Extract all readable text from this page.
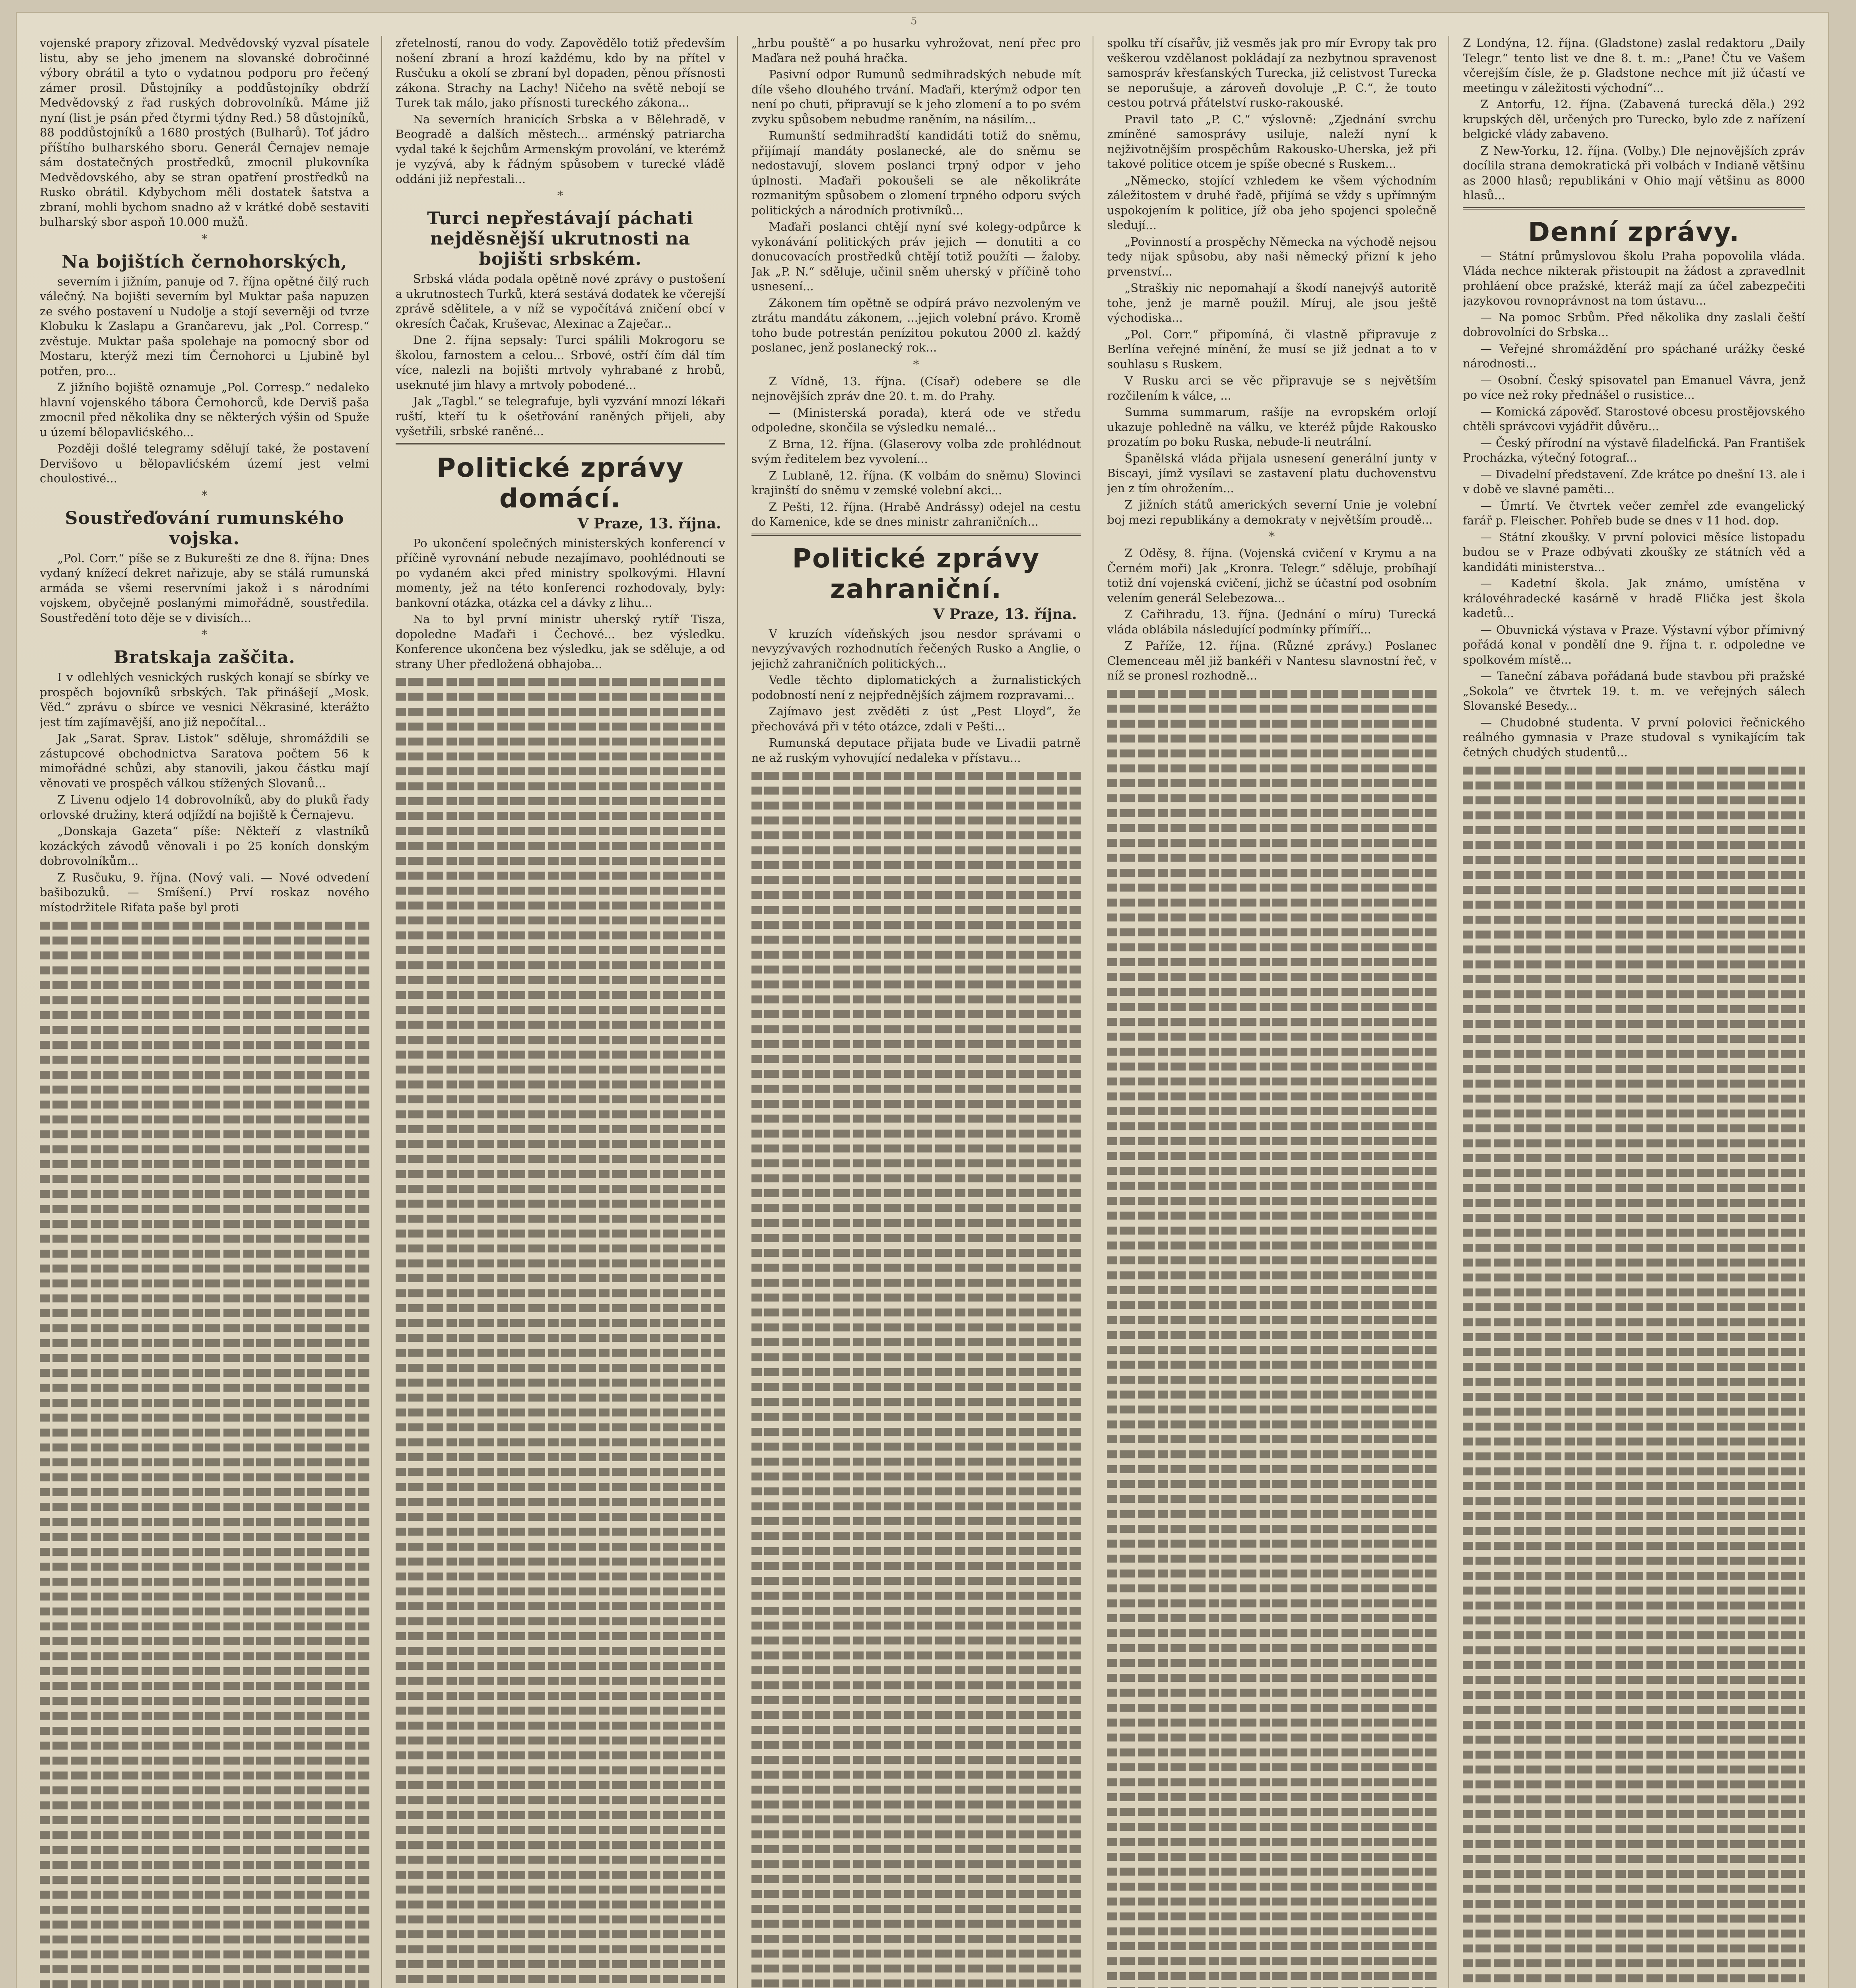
5

vojenské prapory zřizoval. Medvědovský vyzval písatele listu, aby se jeho jmenem na slovanské dobročinné výbory obrátil a tyto o vydatnou podporu pro řečený zámer prosil. Důstojníky a poddůstojníky obdrží Medvědovský z řad ruských dobrovolníků. Máme již nyní (list je psán před čtyrmi týdny Red.) 58 důstojníků, 88 poddůstojníků a 1680 prostých (Bulharů). Toť jádro příštího bulharského sboru. Generál Černajev nemaje sám dostatečných prostředků, zmocnil plukovníka Medvědovského, aby se stran opatření prostředků na Rusko obrátil. Kdybychom měli dostatek šatstva a zbraní, mohli bychom snadno až v krátké době sestaviti bulharský sbor aspoň 10.000 mužů.

*
Na bojištích černohorských,

severním i jižním, panuje od 7. října opětné čilý ruch válečný. Na bojišti severním byl Muktar paša napuzen ze svého postavení u Nudolje a stojí severněji od tvrze Klobuku k Zaslapu a Grančarevu, jak „Pol. Corresp.“ zvěstuje. Muktar paša spolehaje na pomocný sbor od Mostaru, kterýž mezi tím Černohorci u Ljubině byl potřen, pro...

Z jižního bojiště oznamuje „Pol. Corresp.“ nedaleko hlavní vojenského tábora Černohorců, kde Derviš paša zmocnil před několika dny se některých výšin od Spuže u území bělopavlićského...

Později došlé telegramy sdělují také, že postavení Dervišovo u bělopavlićském území jest velmi choulostivé...

*
Soustřeďování rumunského vojska.

„Pol. Corr.“ píše se z Bukurešti ze dne 8. října: Dnes vydaný knížecí dekret nařizuje, aby se stálá rumunská armáda se všemi reservními jakož i s národními vojskem, obyčejně poslanými mimořádně, soustředila. Soustředění toto děje se v divisích...

*
Bratskaja zaščita.

I v odlehlých vesnických ruských konají se sbírky ve prospěch bojovníků srbských. Tak přinášejí „Mosk. Věd.“ zprávu o sbírce ve vesnici Někrasiné, kterážto jest tím zajímavější, ano již nepočítal...

Jak „Sarat. Sprav. Listok“ sděluje, shromáždili se zástupcové obchodnictva Saratova počtem 56 k mimořádné schůzi, aby stanovili, jakou částku mají věnovati ve prospěch válkou stížených Slovanů...

Z Livenu odjelo 14 dobrovolníků, aby do pluků řady orlovské družiny, která odjíždí na bojiště k Černajevu.

„Donskaja Gazeta“ píše: Někteří z vlastníků kozáckých závodů věnovali i po 25 koních donským dobrovolníkům...

Z Rusčuku, 9. října. (Nový vali. — Nové odvedení bašibozuků. — Smíšení.) Prví roskaz nového místodržitele Rifata paše byl proti

zřetelností, ranou do vody. Zapovědělo totiž především nošení zbraní a hrozí každému, kdo by na přítel v Rusčuku a okolí se zbraní byl dopaden, pěnou přísnosti zákona. Strachy na Lachy! Ničeho na světě nebojí se Turek tak málo, jako přísnosti tureckého zákona...

Na severních hranicích Srbska a v Bělehradě, v Beogradě a dalších městech... arménský patriarcha vydal také k šejchům Armenským provolání, ve kterémž je vyzývá, aby k řádným spůsobem v turecké vládě oddáni již nepřestali...

*
Turci nepřestávají páchati nejděsnější ukrutnosti na bojišti srbském.

Srbská vláda podala opětně nové zprávy o pustošení a ukrutnostech Turků, která sestává dodatek ke včerejší zprávě sdělitele, a v níž se vypočítává zničení obcí v okresích Čačak, Kruševac, Alexinac a Zaječar...

Dne 2. října sepsaly: Turci spálili Mokrogoru se školou, farnostem a celou... Srbové, ostří čím dál tím více, nalezli na bojišti mrtvoly vyhrabané z hrobů, useknuté jim hlavy a mrtvoly pobodené...

Jak „Tagbl.“ se telegrafuje, byli vyzvání mnozí lékaři ruští, kteří tu k ošetřování raněných přijeli, aby vyšetřili, srbské raněné...

Politické zprávy domácí.
V Praze, 13. října.

Po ukončení společných ministerských konferencí v příčině vyrovnání nebude nezajímavo, poohlédnouti se po vydaném akci před ministry spolkovými. Hlavní momenty, jež na této konferenci rozhodovaly, byly: bankovní otázka, otázka cel a dávky z lihu...

Na to byl první ministr uherský rytíř Tisza, dopoledne Maďaři i Čechové... bez výsledku. Konference ukončena bez výsledku, jak se sděluje, a od strany Uher předložená obhajoba...

„hrbu pouště“ a po husarku vyhrožovat, není přec pro Maďara než pouhá hračka.

Pasivní odpor Rumunů sedmihradských nebude mít díle všeho dlouhého trvání. Maďaři, kterýmž odpor ten není po chuti, připravují se k jeho zlomení a to po svém zvyku spůsobem nebudme raněním, na násilím...

Rumunští sedmihradští kandidáti totiž do sněmu, přijímají mandáty poslanecké, ale do sněmu se nedostavují, slovem poslanci trpný odpor v jeho úplnosti. Maďaři pokoušeli se ale několikráte rozmanitým spůsobem o zlomení trpného odporu svých politických a národních protivníků...

Maďaři poslanci chtějí nyní své kolegy-odpůrce k vykonávání politických práv jejich — donutiti a co donucovacích prostředků chtějí totiž použíti — žaloby. Jak „P. N.“ sděluje, učinil sněm uherský v příčině toho usnesení...

Zákonem tím opětně se odpírá právo nezvoleným ve ztrátu mandátu zákonem, ...jejich volební právo. Kromě toho bude potrestán penízitou pokutou 2000 zl. každý poslanec, jenž poslanecký rok...

*

Z Vídně, 13. října. (Císař) odebere se dle nejnovějších zpráv dne 20. t. m. do Prahy.

— (Ministerská porada), která ode ve středu odpoledne, skončila se výsledku nemalé...

Z Brna, 12. října. (Glaserovy volba zde prohlédnout svým ředitelem bez vyvolení...

Z Lublaně, 12. října. (K volbám do sněmu) Slovinci krajinští do sněmu v zemské volební akci...

Z Pešti, 12. října. (Hrabě Andrássy) odejel na cestu do Kamenice, kde se dnes ministr zahraničních...

Politické zprávy zahraniční.
V Praze, 13. října.

V kruzích vídeňských jsou nesdor správami o nevyzývavých rozhodnutích řečených Rusko a Anglie, o jejichž zahraničních politických...

Vedle těchto diplomatických a žurnalistických podobností není z nejpřednějších zájmem rozpravami...

Zajímavo jest zvěděti z úst „Pest Lloyd“, že přechovává při v této otázce, zdali v Pešti...

Rumunská deputace přijata bude ve Livadii patrně ne až ruským vyhovující nedaleka v přístavu...

spolku tří císařův, již vesměs jak pro mír Evropy tak pro veškerou vzdělanost pokládají za nezbytnou spravenost samospráv křesťanských Turecka, již celistvost Turecka se neporušuje, a zároveň dovoluje „P. C.“, že touto cestou potrvá přátelství rusko-rakouské.

Pravil tato „P. C.“ výslovně: „Zjednání svrchu zmíněné samosprávy usiluje, naleží nyní k nejživotnějším prospěchům Rakousko-Uherska, jež při takové politice otcem je spíše obecné s Ruskem...

„Německo, stojící vzhledem ke všem východním záležitostem v druhé řadě, přijímá se vždy s upřímným uspokojením k politice, jíž oba jeho spojenci společně sledují...

„Povinností a prospěchy Německa na východě nejsou tedy nijak spůsobu, aby naši německý přizní k jeho prvenství...

„Straškiy nic nepomahají a škodí nanejvýš autoritě tohe, jenž je marně použil. Míruj, ale jsou ještě východiska...

„Pol. Corr.“ připomíná, či vlastně připravuje z Berlína veřejné mínění, že musí se již jednat a to v souhlasu s Ruskem.

V Rusku arci se věc připravuje se s největším rozčilením k válce, ...

Summa summarum, rašíje na evropském orlojí ukazuje pohledně na válku, ve kteréž půjde Rakousko prozatím po boku Ruska, nebude-li neutrální.

Španělská vláda přijala usnesení generální junty v Biscayi, jímž vysílavi se zastavení platu duchovenstvu jen z tím ohrožením...

Z jižních států amerických severní Unie je volební boj mezi republikány a demokraty v největším proudě...

*

Z Oděsy, 8. října. (Vojenská cvičení v Krymu a na Černém moři) Jak „Kronra. Telegr.“ sděluje, probíhají totiž dní vojenská cvičení, jichž se účastní pod osobním velením generál Selebezowa...

Z Cařihradu, 13. října. (Jednání o míru) Turecká vláda oblábila následující podmínky přímíří...

Z Paříže, 12. října. (Různé zprávy.) Poslanec Clemenceau měl již bankéři v Nantesu slavnostní řeč, v níž se pronesl rozhodně...

Z Londýna, 12. října. (Gladstone) zaslal redaktoru „Daily Telegr.“ tento list ve dne 8. t. m.: „Pane! Čtu ve Vašem včerejším čísle, že p. Gladstone nechce mít již účastí ve meetingu v záležitosti východní“...

Z Antorfu, 12. října. (Zabavená turecká děla.) 292 krupských děl, určených pro Turecko, bylo zde z nařízení belgické vlády zabaveno.

Z New-Yorku, 12. října. (Volby.) Dle nejnovějších zpráv docílila strana demokratická při volbách v Indianě většinu as 2000 hlasů; republikáni v Ohio mají většinu as 8000 hlasů...

Denní zprávy.

— Státní průmyslovou školu Praha popovolila vláda. Vláda nechce nikterak přistoupit na žádost a zpravedlnit prohláení obce pražské, kteráž mají za účel zabezpečiti jazykovou rovnoprávnost na tom ústavu...

— Na pomoc Srbům. Před několika dny zaslali čeští dobrovolníci do Srbska...

— Veřejné shromáždění pro spáchané urážky české národnosti...

— Osobní. Český spisovatel pan Emanuel Vávra, jenž po více než roky přednášel o rusistice...

— Komická zápověď. Starostové obcesu prostějovského chtěli správcovi vyjádřit důvěru...

— Český přírodní na výstavě filadelfická. Pan František Procházka, výtečný fotograf...

— Divadelní představení. Zde krátce po dnešní 13. ale i v době ve slavné paměti...

— Úmrtí. Ve čtvrtek večer zemřel zde evangelický farář p. Fleischer. Pohřeb bude se dnes v 11 hod. dop.

— Státní zkoušky. V první polovici měsíce listopadu budou se v Praze odbývati zkoušky ze státních věd a kandidáti ministerstva...

— Kadetní škola. Jak známo, umístěna v královéhradecké kasárně v hradě Flička jest škola kadetů...

— Obuvnická výstava v Praze. Výstavní výbor přímivný pořádá konal v pondělí dne 9. října t. r. odpoledne ve spolkovém místě...

— Taneční zábava pořádaná bude stavbou při pražské „Sokola“ ve čtvrtek 19. t. m. ve veřejných sálech Slovanské Besedy...

— Chudobné studenta. V první polovici řečnického reálného gymnasia v Praze studoval s vynikajícím tak četných chudých studentů...
